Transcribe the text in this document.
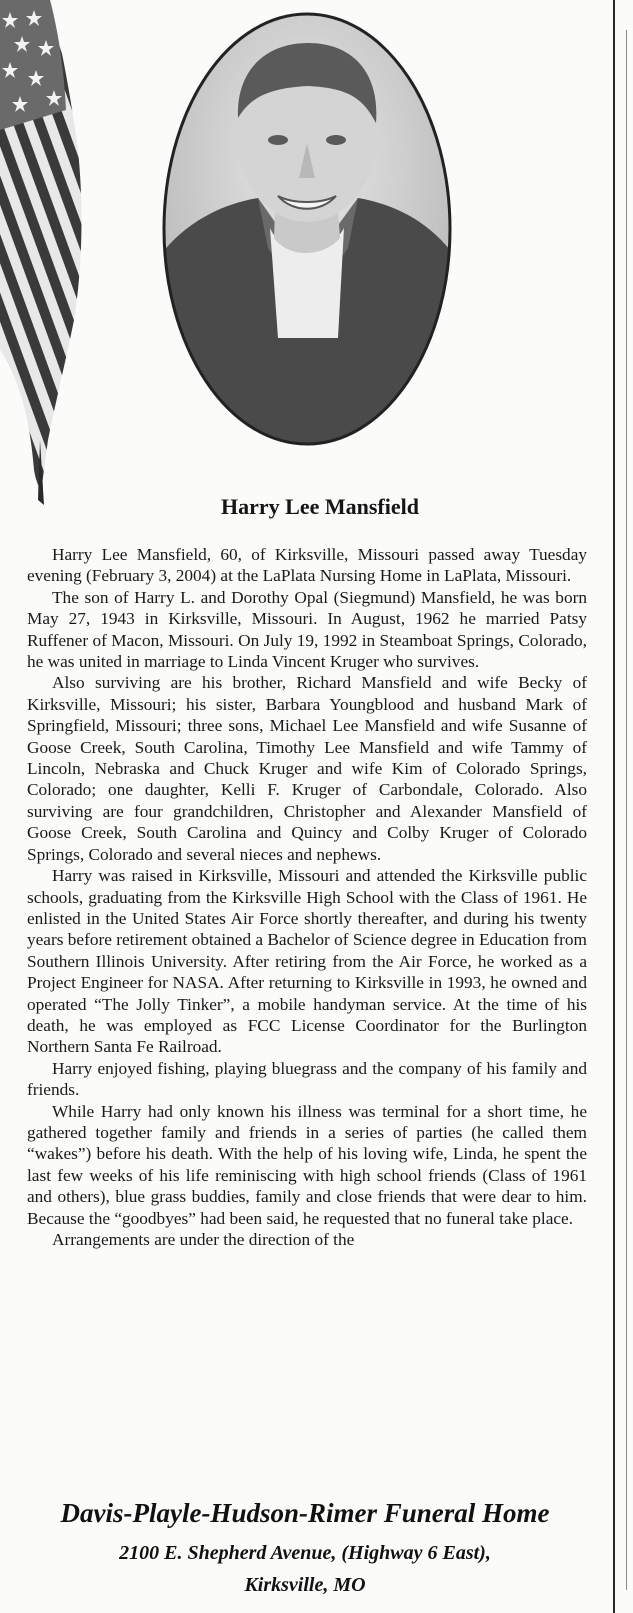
Harry Lee Mansfield

Harry Lee Mansfield, 60, of Kirksville, Missouri passed away Tuesday evening (February 3, 2004) at the LaPlata Nursing Home in LaPlata, Missouri.

The son of Harry L. and Dorothy Opal (Siegmund) Mansfield, he was born May 27, 1943 in Kirksville, Missouri. In August, 1962 he married Patsy Ruffener of Macon, Missouri. On July 19, 1992 in Steamboat Springs, Colorado, he was united in marriage to Linda Vincent Kruger who survives.

Also surviving are his brother, Richard Mansfield and wife Becky of Kirksville, Missouri; his sister, Barbara Youngblood and husband Mark of Springfield, Missouri; three sons, Michael Lee Mansfield and wife Susanne of Goose Creek, South Carolina, Timothy Lee Mansfield and wife Tammy of Lincoln, Nebraska and Chuck Kruger and wife Kim of Colorado Springs, Colorado; one daughter, Kelli F. Kruger of Carbondale, Colorado. Also surviving are four grandchildren, Christopher and Alexander Mansfield of Goose Creek, South Carolina and Quincy and Colby Kruger of Colorado Springs, Colorado and several nieces and nephews.

Harry was raised in Kirksville, Missouri and attended the Kirksville public schools, graduating from the Kirksville High School with the Class of 1961. He enlisted in the United States Air Force shortly thereafter, and during his twenty years before retirement obtained a Bachelor of Science degree in Education from Southern Illinois University. After retiring from the Air Force, he worked as a Project Engineer for NASA. After returning to Kirksville in 1993, he owned and operated “The Jolly Tinker”, a mobile handyman service. At the time of his death, he was employed as FCC License Coordinator for the Burlington Northern Santa Fe Railroad.

Harry enjoyed fishing, playing bluegrass and the company of his family and friends.

While Harry had only known his illness was terminal for a short time, he gathered together family and friends in a series of parties (he called them “wakes”) before his death. With the help of his loving wife, Linda, he spent the last few weeks of his life reminiscing with high school friends (Class of 1961 and others), blue grass buddies, family and close friends that were dear to him. Because the “goodbyes” had been said, he requested that no funeral take place.

Arrangements are under the direction of the

Davis-Playle-Hudson-Rimer Funeral Home
2100 E. Shepherd Avenue, (Highway 6 East),
Kirksville, MO
